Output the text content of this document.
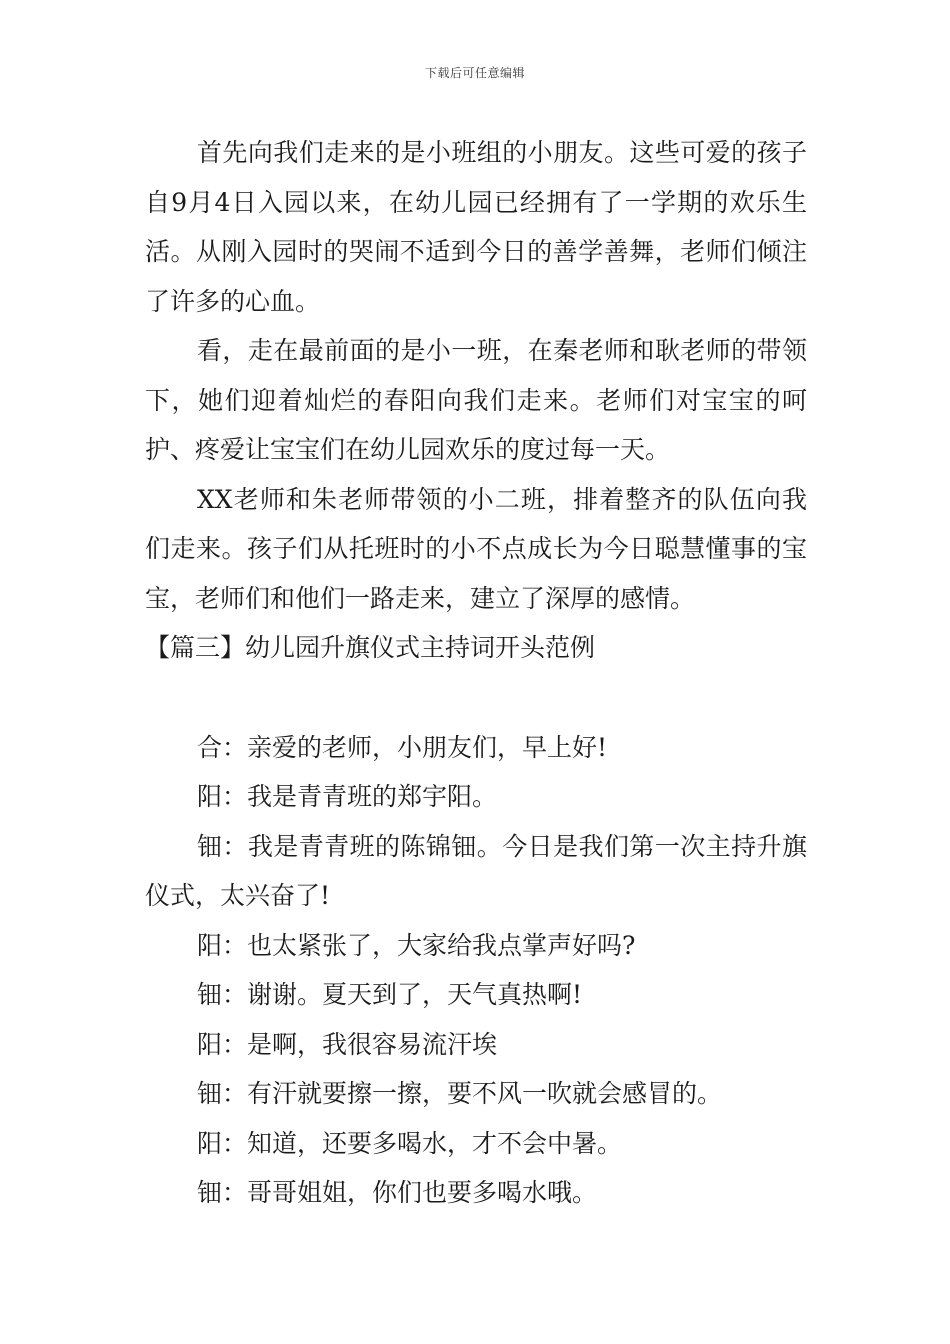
下载后可任意编辑

首先向我们走来的是小班组的小朋友。这些可爱的孩子自9月4日入园以来，在幼儿园已经拥有了一学期的欢乐生活。从刚入园时的哭闹不适到今日的善学善舞，老师们倾注了许多的心血。

看，走在最前面的是小一班，在秦老师和耿老师的带领下，她们迎着灿烂的春阳向我们走来。老师们对宝宝的呵护、疼爱让宝宝们在幼儿园欢乐的度过每一天。

XX老师和朱老师带领的小二班，排着整齐的队伍向我们走来。孩子们从托班时的小不点成长为今日聪慧懂事的宝宝，老师们和他们一路走来，建立了深厚的感情。

【篇三】幼儿园升旗仪式主持词开头范例

合：亲爱的老师，小朋友们，早上好!

阳：我是青青班的郑宇阳。

钿：我是青青班的陈锦钿。今日是我们第一次主持升旗仪式，太兴奋了!

阳：也太紧张了，大家给我点掌声好吗?

钿：谢谢。夏天到了，天气真热啊!

阳：是啊，我很容易流汗埃

钿：有汗就要擦一擦，要不风一吹就会感冒的。

阳：知道，还要多喝水，才不会中暑。

钿：哥哥姐姐，你们也要多喝水哦。
